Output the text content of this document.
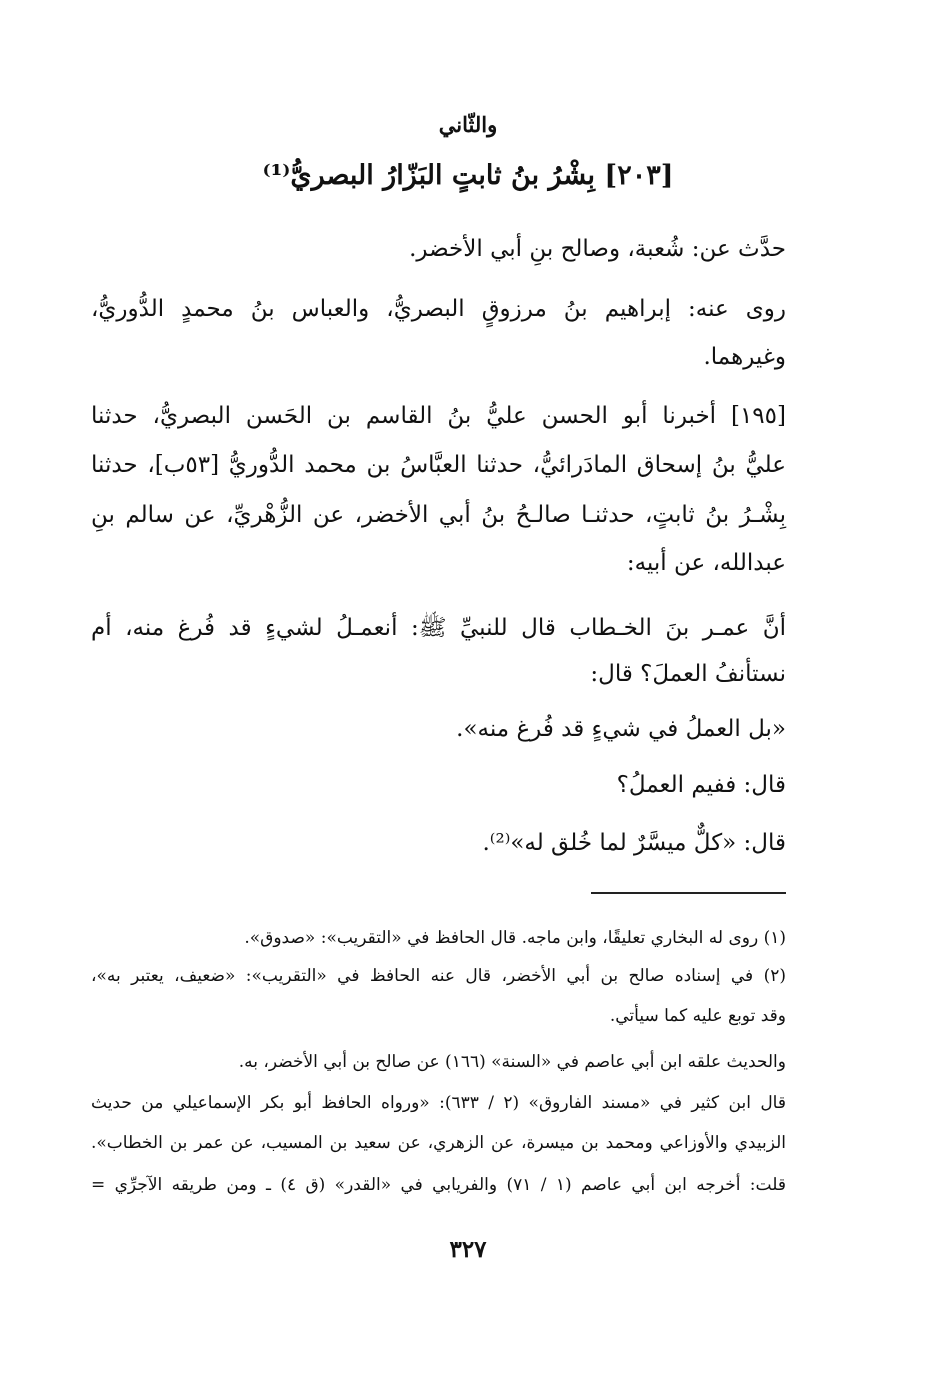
والثّاني
[٢٠٣] بِشْرُ بنُ ثابتٍ البَزّارُ البصريُّ⁽¹⁾
حدَّث عن: شُعبة، وصالح بنِ أبي الأخضر.
روى عنه: إبراهيم بنُ مرزوقٍ البصريُّ، والعباس بنُ محمدٍ الدُّوريُّ،
وغيرهما.
[١٩٥] أخبرنا أبو الحسن عليُّ بنُ القاسم بن الحَسن البصريُّ، حدثنا
عليُّ بنُ إسحاق المادَرائيُّ، حدثنا العبَّاسُ بن محمد الدُّوريُّ [٥٣ب]، حدثنا
بِشْـرُ بنُ ثابتٍ، حدثنـا صالـحُ بنُ أبي الأخضر، عن الزُّهْريِّ، عن سالم بنِ
عبدالله، عن أبيه:
أنَّ عمـر بنَ الخـطاب قال للنبيِّ ﷺ: أنعمـلُ لشيءٍ قد فُرغ منه، أم
نستأنفُ العملَ؟ قال:
«بل العملُ في شيءٍ قد فُرغ منه».
قال: ففيم العملُ؟
قال: «كلٌّ ميسَّرٌ لما خُلق له»⁽²⁾.
(١) روى له البخاري تعليقًا، وابن ماجه. قال الحافظ في «التقريب»: «صدوق».
(٢) في إسناده صالح بن أبي الأخضر، قال عنه الحافظ في «التقريب»: «ضعيف، يعتبر به»،
وقد توبع عليه كما سيأتي.
والحديث علقه ابن أبي عاصم في «السنة» (١٦٦) عن صالح بن أبي الأخضر، به.
قال ابن كثير في «مسند الفاروق» (٢ / ٦٣٣): «ورواه الحافظ أبو بكر الإسماعيلي من حديث
الزبيدي والأوزاعي ومحمد بن ميسرة، عن الزهري، عن سعيد بن المسيب، عن عمر بن الخطاب».
قلت: أخرجه ابن أبي عاصم (١ / ٧١) والفريابي في «القدر» (ق ٤) ـ ومن طريقه الآجرِّي =
٣٢٧
